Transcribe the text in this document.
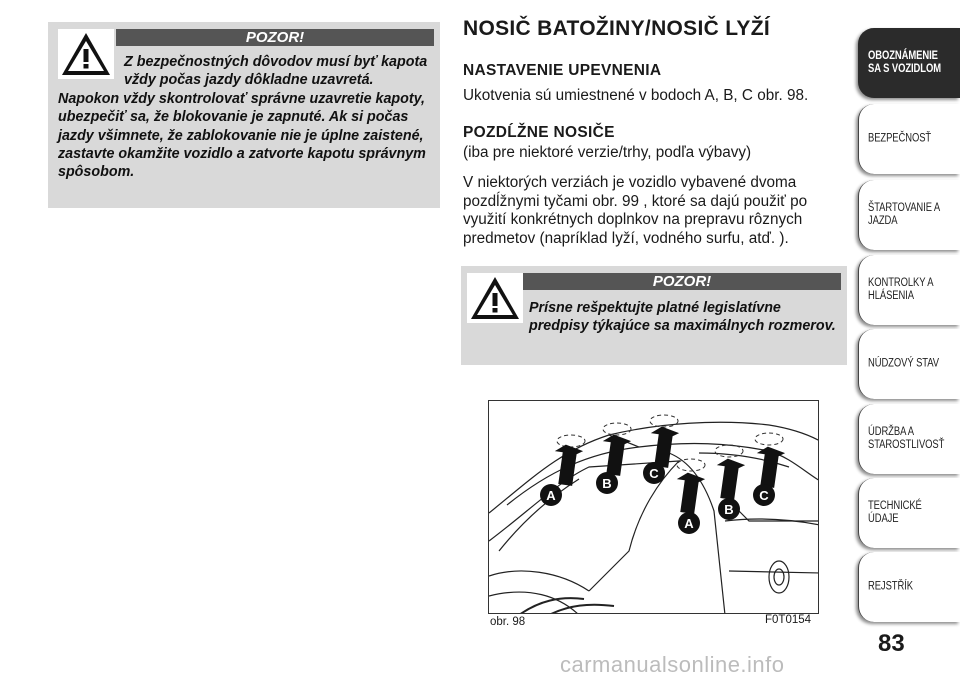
POZOR!
Z bezpečnostných dôvodov musí byť kapota vždy počas jazdy dôkladne uzavretá. Napokon vždy skontrolovať správne uzavretie kapoty, ubezpečiť sa, že blokovanie je zapnuté. Ak si počas jazdy všimnete, že zablokovanie nie je úplne zaistené, zastavte okamžite vozidlo a zatvorte kapotu správnym spôsobom.
NOSIČ BATOŽINY/NOSIČ LYŽÍ
NASTAVENIE UPEVNENIA
Ukotvenia sú umiestnené v bodoch A, B, C obr. 98.
POZDĹŽNE NOSIČE
(iba pre niektoré verzie/trhy, podľa výbavy)
V niektorých verziách je vozidlo vybavené dvoma pozdĺžnymi tyčami obr. 99 , ktoré sa dajú použiť po využití konkrétnych doplnkov na prepravu rôznych predmetov (napríklad lyží, vodného surfu, atď. ).
POZOR!
Prísne rešpektujte platné legislatívne predpisy týkajúce sa maximálnych rozmerov.
A
B
C
A
B
C
obr. 98	F0T0154
OBOZNÁMENIE SA S VOZIDLOM
BEZPEČNOSŤ
ŠTARTOVANIE A JAZDA
KONTROLKY A HLÁSENIA
NÚDZOVÝ STAV
ÚDRŽBA A STAROSTLIVOSŤ
TECHNICKÉ ÚDAJE
REJSTŘÍK
83
carmanualsonline.info
